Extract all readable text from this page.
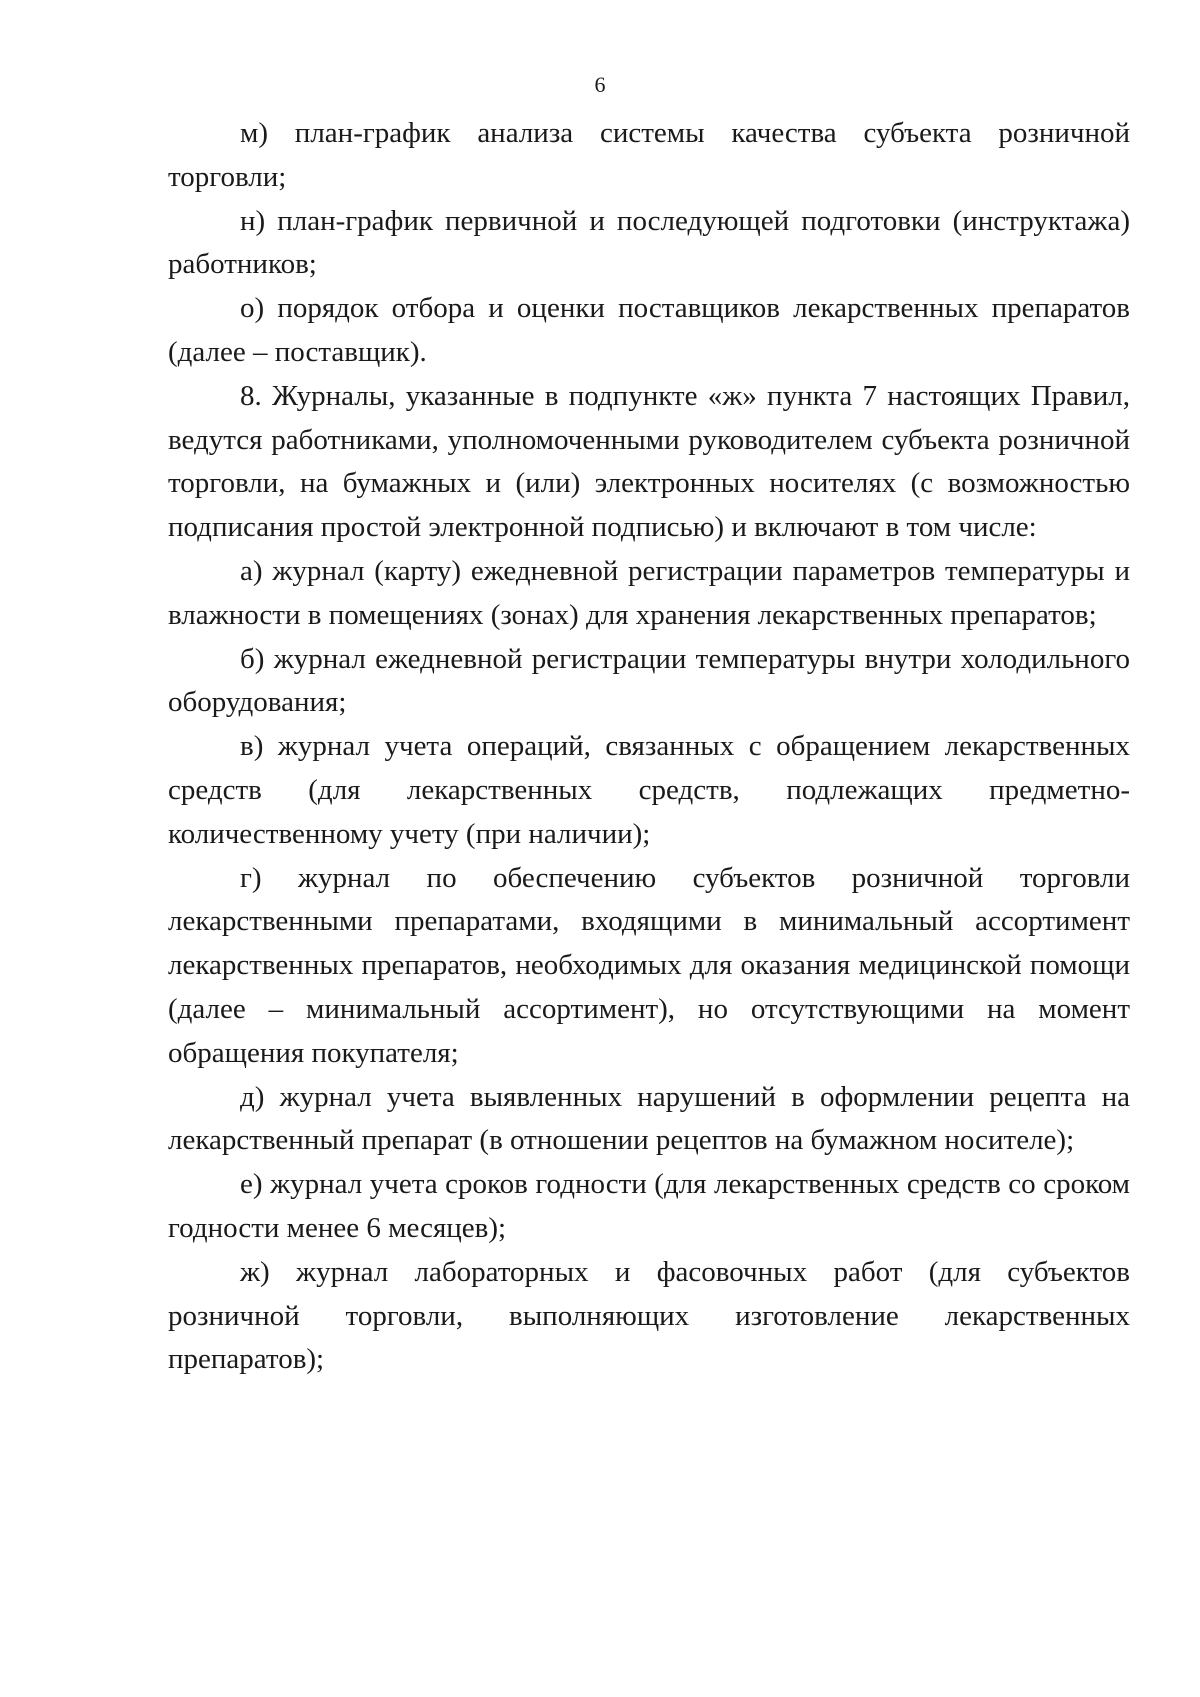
6

м) план-график анализа системы качества субъекта розничной торговли;

н) план-график первичной и последующей подготовки (инструктажа) работников;

о) порядок отбора и оценки поставщиков лекарственных препаратов (далее – поставщик).

8. Журналы, указанные в подпункте «ж» пункта 7 настоящих Правил, ведутся работниками, уполномоченными руководителем субъекта розничной торговли, на бумажных и (или) электронных носителях (с возможностью подписания простой электронной подписью) и включают в том числе:

а) журнал (карту) ежедневной регистрации параметров температуры и влажности в помещениях (зонах) для хранения лекарственных препаратов;

б) журнал ежедневной регистрации температуры внутри холодильного оборудования;

в) журнал учета операций, связанных с обращением лекарственных средств (для лекарственных средств, подлежащих предметно-количественному учету (при наличии);

г) журнал по обеспечению субъектов розничной торговли лекарственными препаратами, входящими в минимальный ассортимент лекарственных препаратов, необходимых для оказания медицинской помощи (далее – минимальный ассортимент), но отсутствующими на момент обращения покупателя;

д) журнал учета выявленных нарушений в оформлении рецепта на лекарственный препарат (в отношении рецептов на бумажном носителе);

е) журнал учета сроков годности (для лекарственных средств со сроком годности менее 6 месяцев);

ж) журнал лабораторных и фасовочных работ (для субъектов розничной торговли, выполняющих изготовление лекарственных препаратов);
